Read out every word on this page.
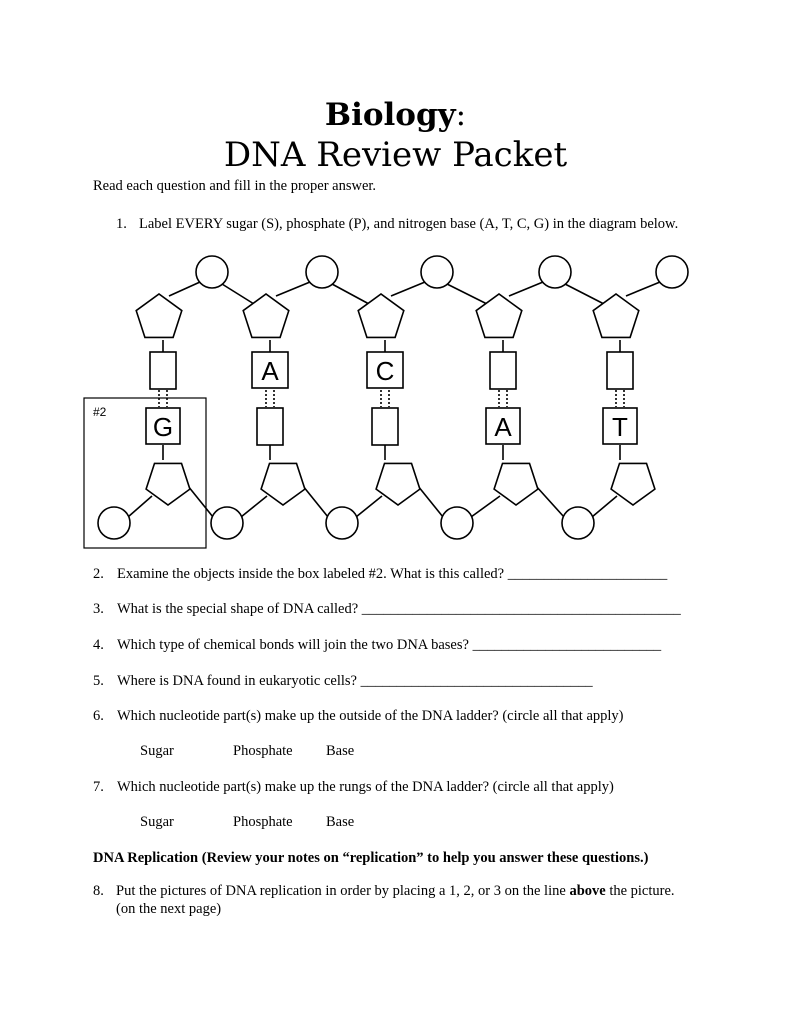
Biology:
DNA Review Packet
Read each question and fill in the proper answer.
1. Label EVERY sugar (S), phosphate (P), and nitrogen base (A, T, C, G) in the diagram below.
#2 G
A	C
A	T
2. Examine the objects inside the box labeled #2. What is this called? ______________________
3. What is the special shape of DNA called? ____________________________________________
4. Which type of chemical bonds will join the two DNA bases? __________________________
5. Where is DNA found in eukaryotic cells? ________________________________
6. Which nucleotide part(s) make up the outside of the DNA ladder? (circle all that apply)
Sugar	Phosphate Base
7. Which nucleotide part(s) make up the rungs of the DNA ladder? (circle all that apply)
Sugar	Phosphate Base
DNA Replication (Review your notes on “replication” to help you answer these questions.)
8. Put the pictures of DNA replication in order by placing a 1, 2, or 3 on the line above the picture. (on the next page)
